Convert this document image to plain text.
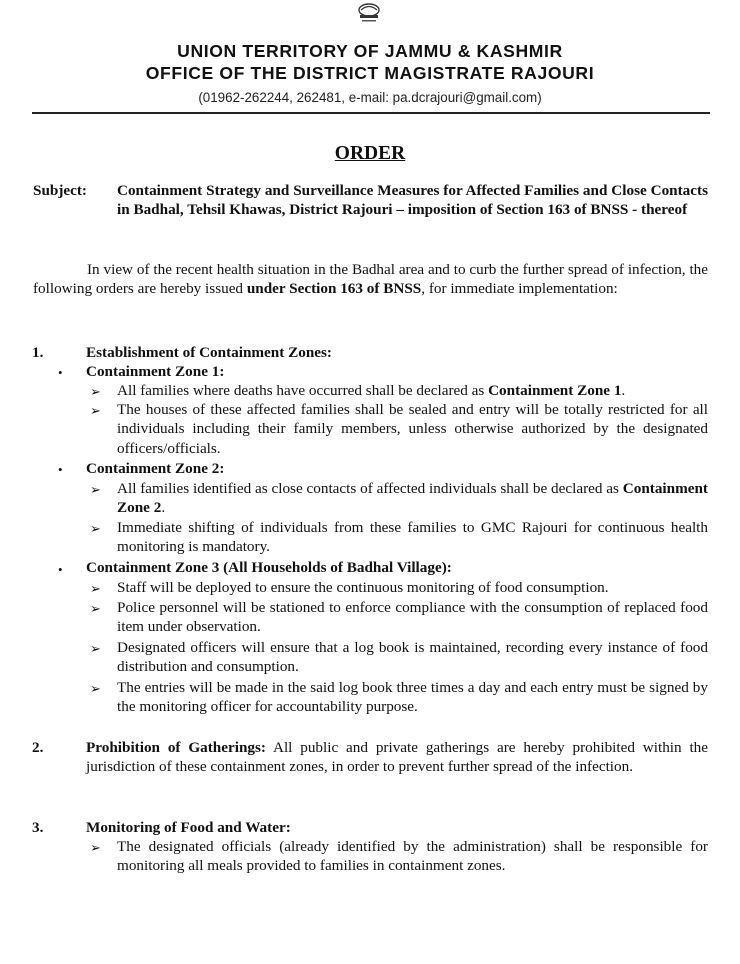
UNION TERRITORY OF JAMMU & KASHMIR
OFFICE OF THE DISTRICT MAGISTRATE RAJOURI
(01962-262244, 262481, e-mail: pa.dcrajouri@gmail.com)
ORDER
Subject: Containment Strategy and Surveillance Measures for Affected Families and Close Contacts in Badhal, Tehsil Khawas, District Rajouri – imposition of Section 163 of BNSS - thereof
In view of the recent health situation in the Badhal area and to curb the further spread of infection, the following orders are hereby issued under Section 163 of BNSS, for immediate implementation:
1.	Establishment of Containment Zones:
• Containment Zone 1:
➢ All families where deaths have occurred shall be declared as Containment Zone 1.
➢ The houses of these affected families shall be sealed and entry will be totally restricted for all individuals including their family members, unless otherwise authorized by the designated officers/officials.
• Containment Zone 2:
➢ All families identified as close contacts of affected individuals shall be declared as Containment Zone 2.
➢ Immediate shifting of individuals from these families to GMC Rajouri for continuous health monitoring is mandatory.
• Containment Zone 3 (All Households of Badhal Village):
➢ Staff will be deployed to ensure the continuous monitoring of food consumption.
➢ Police personnel will be stationed to enforce compliance with the consumption of replaced food item under observation.
➢ Designated officers will ensure that a log book is maintained, recording every instance of food distribution and consumption.
➢ The entries will be made in the said log book three times a day and each entry must be signed by the monitoring officer for accountability purpose.
2.	Prohibition of Gatherings: All public and private gatherings are hereby prohibited within the jurisdiction of these containment zones, in order to prevent further spread of the infection.
3.	Monitoring of Food and Water:
➢ The designated officials (already identified by the administration) shall be responsible for monitoring all meals provided to families in containment zones.
